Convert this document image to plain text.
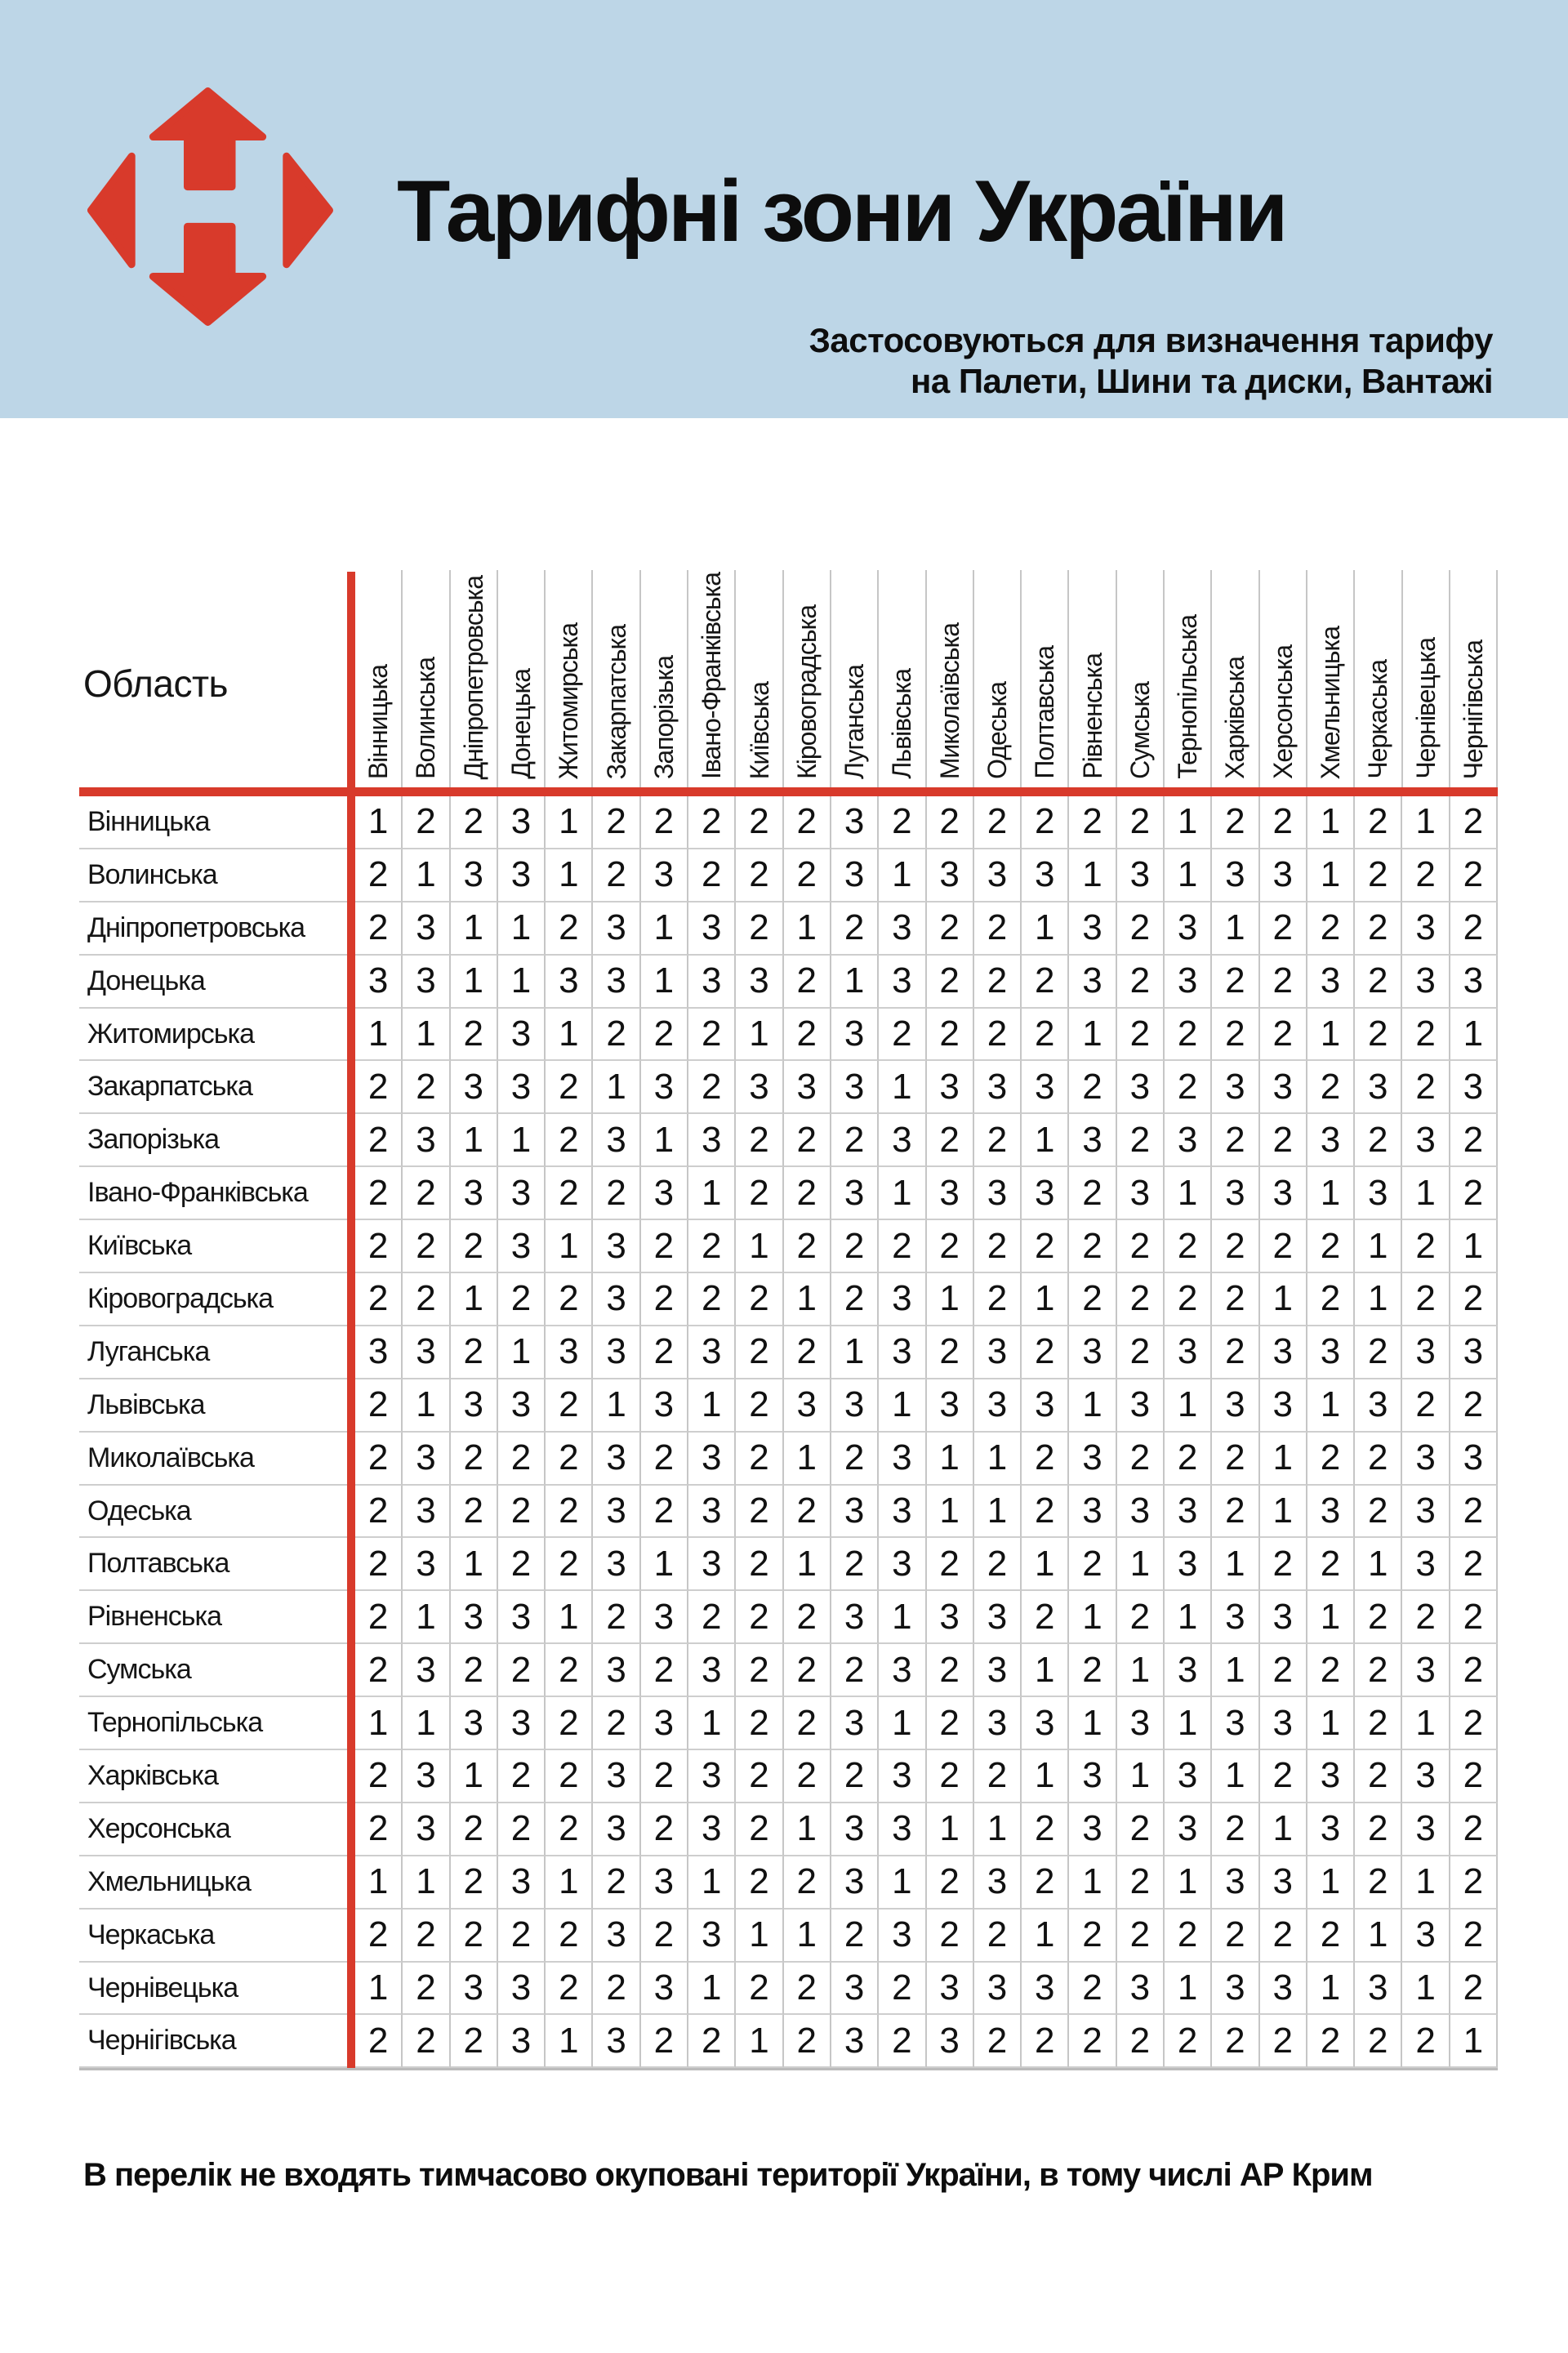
Тарифні зони України
Застосовуються для визначення тарифу
на Палети, Шини та диски, Вантажі
Область	Вінницька Волинська Дніпропетровська Донецька Житомирська Закарпатська Запорізька Івано-Франківська Київська Кіровоградська Луганська Львівська Миколаївська Одеська Полтавська Рівненська Сумська Тернопільська Харківська Херсонська Хмельницька Черкаська Чернівецька Чернігівська
Вінницька
Волинська
Дніпропетровська
Донецька
Житомирська
Закарпатська
Запорізька
Івано-Франківська
Київська
Кіровоградська
Луганська
Львівська
Миколаївська
Одеська
Полтавська
Рівненська
Сумська
Тернопільська
Харківська
Херсонська
Хмельницька
Черкаська
Чернівецька
Чернігівська
1 2 2 3 1 2 2 2 2 2 3 2 2 2 2 2 2 1 2 2 1 2 1 2
2 1 3 3 1 2 3 2 2 2 3 1 3 3 3 1 3 1 3 3 1 2 2 2
2 3 1 1 2 3 1 3 2 1 2 3 2 2 1 3 2 3 1 2 2 2 3 2
3 3 1 1 3 3 1 3 3 2 1 3 2 2 2 3 2 3 2 2 3 2 3 3
1 1 2 3 1 2 2 2 1 2 3 2 2 2 2 1 2 2 2 2 1 2 2 1
2 2 3 3 2 1 3 2 3 3 3 1 3 3 3 2 3 2 3 3 2 3 2 3
2 3 1 1 2 3 1 3 2 2 2 3 2 2 1 3 2 3 2 2 3 2 3 2
2 2 3 3 2 2 3 1 2 2 3 1 3 3 3 2 3 1 3 3 1 3 1 2
2 2 2 3 1 3 2 2 1 2 2 2 2 2 2 2 2 2 2 2 2 1 2 1
2 2 1 2 2 3 2 2 2 1 2 3 1 2 1 2 2 2 2 1 2 1 2 2
3 3 2 1 3 3 2 3 2 2 1 3 2 3 2 3 2 3 2 3 3 2 3 3
2 1 3 3 2 1 3 1 2 3 3 1 3 3 3 1 3 1 3 3 1 3 2 2
2 3 2 2 2 3 2 3 2 1 2 3 1 1 2 3 2 2 2 1 2 2 3 3
2 3 2 2 2 3 2 3 2 2 3 3 1 1 2 3 3 3 2 1 3 2 3 2
2 3 1 2 2 3 1 3 2 1 2 3 2 2 1 2 1 3 1 2 2 1 3 2
2 1 3 3 1 2 3 2 2 2 3 1 3 3 2 1 2 1 3 3 1 2 2 2
2 3 2 2 2 3 2 3 2 2 2 3 2 3 1 2 1 3 1 2 2 2 3 2
1 1 3 3 2 2 3 1 2 2 3 1 2 3 3 1 3 1 3 3 1 2 1 2
2 3 1 2 2 3 2 3 2 2 2 3 2 2 1 3 1 3 1 2 3 2 3 2
2 3 2 2 2 3 2 3 2 1 3 3 1 1 2 3 2 3 2 1 3 2 3 2
1 1 2 3 1 2 3 1 2 2 3 1 2 3 2 1 2 1 3 3 1 2 1 2
2 2 2 2 2 3 2 3 1 1 2 3 2 2 1 2 2 2 2 2 2 1 3 2
1 2 3 3 2 2 3 1 2 2 3 2 3 3 3 2 3 1 3 3 1 3 1 2
2 2 2 3 1 3 2 2 1 2 3 2 3 2 2 2 2 2 2 2 2 2 2 1
В перелік не входять тимчасово окуповані території України, в тому числі АР Крим
